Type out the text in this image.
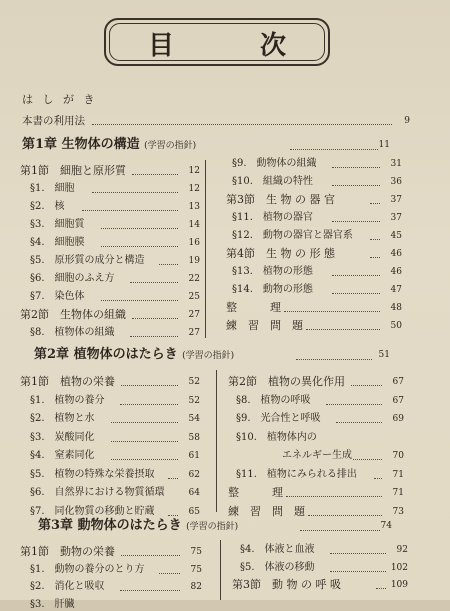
目　次
は し が き
本書の利用法	9
第1章 生物体の構造 (学習の指針)	11
第1節　細胞と原形質	12
§1.　細胞	12
§2.　核	13
§3.　細胞質	14
§4.　細胞膜	16
§5.　原形質の成分と構造	19
§6.　細胞のふえ方	22
§7.　染色体	25
第2節　生物体の組織	27
§8.　植物体の組織	27
§9.　動物体の組織	31
§10.　組織の特性	36
第3節　生 物 の 器 官	37
§11.　植物の器官	37
§12.　動物の器官と器官系	45
第4節　生 物 の 形 態	46
§13.　植物の形態	46
§14.　動物の形態	47
整　　　理	48
練　習　問　題	50
第2章 植物体のはたらき (学習の指針)	51
第1節　植物の栄養	52
§1.　植物の養分	52
§2.　植物と水	54
§3.　炭酸同化	58
§4.　窒素同化	61
§5.　植物の特殊な栄養摂取	62
§6.　自然界における物質循環	64
§7.　同化物質の移動と貯蔵	65
第2節　植物の異化作用	67
§8.　植物の呼吸	67
§9.　光合性と呼吸	69
§10.　植物体内の
エネルギー生成	70
§11.　植物にみられる排出	71
整　　　理	71
練　習　問　題	73
第3章 動物体のはたらき (学習の指針)	74
第1節　動物の栄養	75
§1.　動物の養分のとり方	75
§2.　消化と吸収	82
§3.　肝臓
§4.　体液と血液	92
§5.　体液の移動	102
第3節　動 物 の 呼 吸	109
